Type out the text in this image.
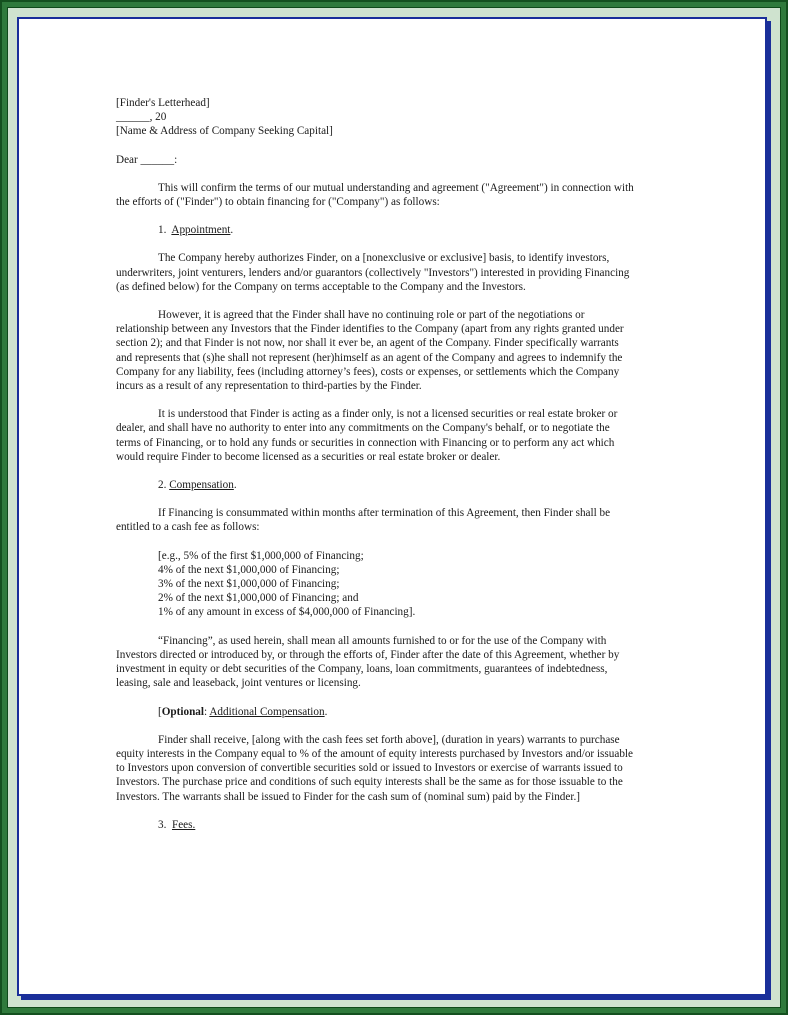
[Finder's Letterhead]

______, 20

[Name & Address of Company Seeking Capital]

Dear ______:

This will confirm the terms of our mutual understanding and agreement ("Agreement") in connection with the efforts of ("Finder") to obtain financing for ("Company") as follows:

1. Appointment.

The Company hereby authorizes Finder, on a [nonexclusive or exclusive] basis, to identify investors, underwriters, joint venturers, lenders and/or guarantors (collectively "Investors") interested in providing Financing (as defined below) for the Company on terms acceptable to the Company and the Investors.

However, it is agreed that the Finder shall have no continuing role or part of the negotiations or relationship between any Investors that the Finder identifies to the Company (apart from any rights granted under section 2); and that Finder is not now, nor shall it ever be, an agent of the Company. Finder specifically warrants and represents that (s)he shall not represent (her)himself as an agent of the Company and agrees to indemnify the Company for any liability, fees (including attorney’s fees), costs or expenses, or settlements which the Company incurs as a result of any representation to third-parties by the Finder.

It is understood that Finder is acting as a finder only, is not a licensed securities or real estate broker or dealer, and shall have no authority to enter into any commitments on the Company's behalf, or to negotiate the terms of Financing, or to hold any funds or securities in connection with Financing or to perform any act which would require Finder to become licensed as a securities or real estate broker or dealer.

2. Compensation.

If Financing is consummated within months after termination of this Agreement, then Finder shall be entitled to a cash fee as follows:

[e.g., 5% of the first $1,000,000 of Financing;
4% of the next $1,000,000 of Financing;
3% of the next $1,000,000 of Financing;
2% of the next $1,000,000 of Financing; and
1% of any amount in excess of $4,000,000 of Financing].

“Financing”, as used herein, shall mean all amounts furnished to or for the use of the Company with Investors directed or introduced by, or through the efforts of, Finder after the date of this Agreement, whether by investment in equity or debt securities of the Company, loans, loan commitments, guarantees of indebtedness, leasing, sale and leaseback, joint ventures or licensing.

[Optional: Additional Compensation.

Finder shall receive, [along with the cash fees set forth above], (duration in years) warrants to purchase equity interests in the Company equal to % of the amount of equity interests purchased by Investors and/or issuable to Investors upon conversion of convertible securities sold or issued to Investors or exercise of warrants issued to Investors. The purchase price and conditions of such equity interests shall be the same as for those issuable to the Investors. The warrants shall be issued to Finder for the cash sum of (nominal sum) paid by the Finder.]

3. Fees.
